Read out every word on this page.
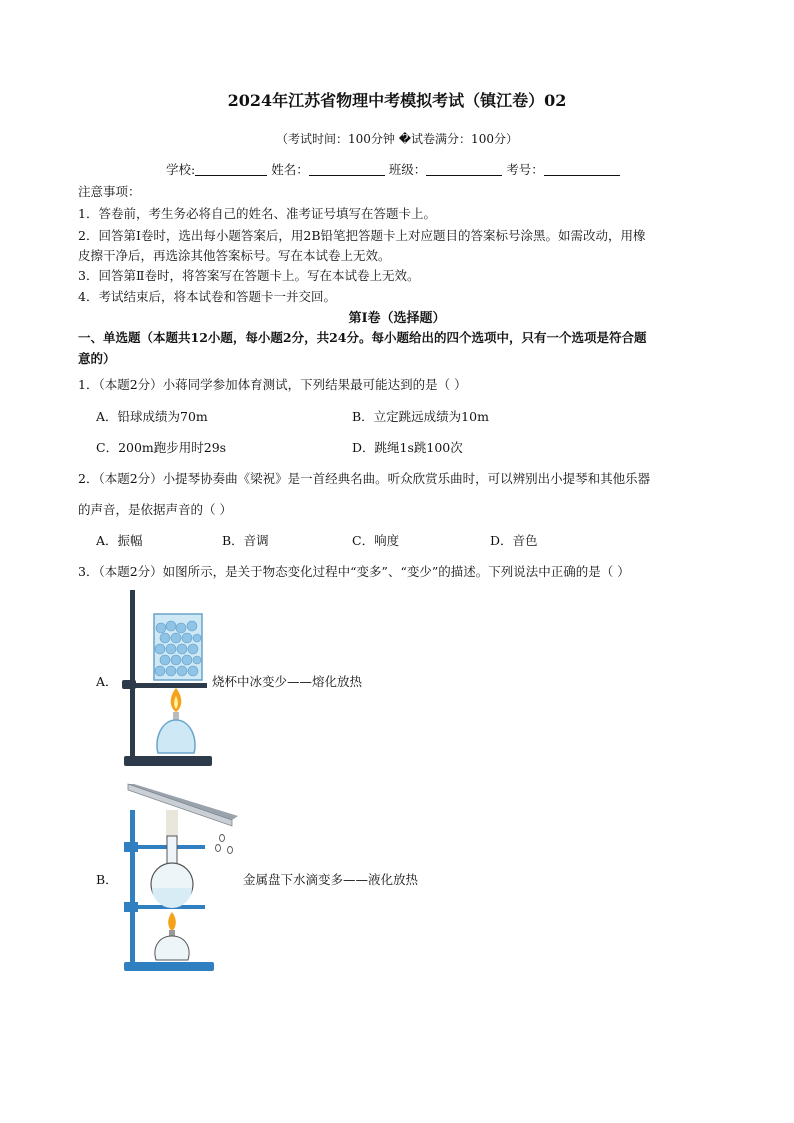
2024年江苏省物理中考模拟考试（镇江卷）02
（考试时间：100分钟 �试卷满分：100分）
学校:	姓名：	班级：	考号：
注意事项：
1．答卷前，考生务必将自己的姓名、准考证号填写在答题卡上。
2．回答第Ⅰ卷时，选出每小题答案后，用2B铅笔把答题卡上对应题目的答案标号涂黑。如需改动，用橡
皮擦干净后，再选涂其他答案标号。写在本试卷上无效。
3．回答第Ⅱ卷时，将答案写在答题卡上。写在本试卷上无效。
4．考试结束后，将本试卷和答题卡一并交回。
第Ⅰ卷（选择题）
一、单选题（本题共12小题，每小题2分，共24分。每小题给出的四个选项中，只有一个选项是符合题
意的）
1．（本题2分）小蒋同学参加体育测试，下列结果最可能达到的是（ ）
A．铅球成绩为70m	B．立定跳远成绩为10m
C．200m跑步用时29s	D．跳绳1s跳100次
2．（本题2分）小提琴协奏曲《梁祝》是一首经典名曲。听众欣赏乐曲时，可以辨别出小提琴和其他乐器
的声音，是依据声音的（ ）
A．振幅	B．音调	C．响度	D．音色
3．（本题2分）如图所示，是关于物态变化过程中“变多”、“变少”的描述。下列说法中正确的是（ ）
A．	烧杯中冰变少——熔化放热
B．	金属盘下水滴变多——液化放热
